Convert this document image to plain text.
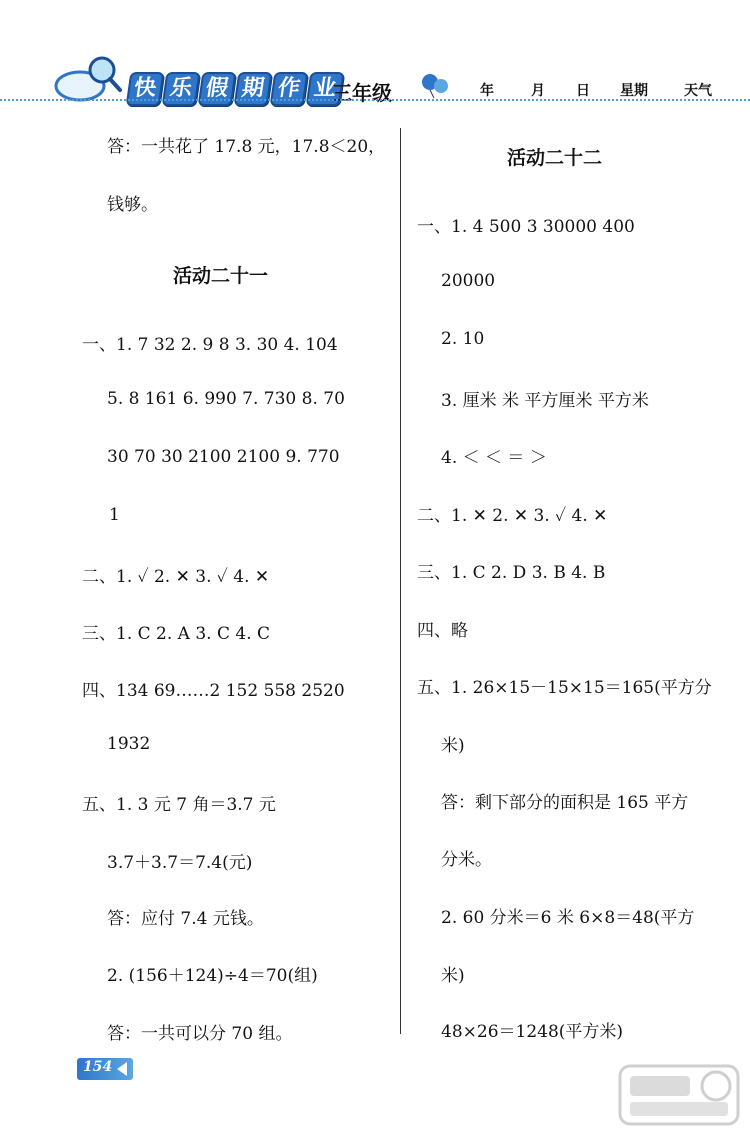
快 乐 假 期 作 业
三年级	年	月 日 星期	天气
答：一共花了 17.8 元，17.8＜20，
钱够。
活动二十一
一、1. 7 32 2. 9 8 3. 30 4. 104
5. 8 161 6. 990 7. 730 8. 70
30 70 30 2100 2100 9. 770
1
二、1. ✓ 2. ✕ 3. ✓ 4. ✕
三、1. C 2. A 3. C 4. C
四、134 69……2 152 558 2520
1932
五、1. 3 元 7 角＝3.7 元
3.7＋3.7＝7.4(元)
答：应付 7.4 元钱。
2. (156＋124)÷4＝70(组)
答：一共可以分 70 组。
活动二十二
一、1. 4 500 3 30000 400
20000
2. 10
3. 厘米 米 平方厘米 平方米
4. ＜ ＜ ＝ ＞
二、1. ✕ 2. ✕ 3. ✓ 4. ✕
三、1. C 2. D 3. B 4. B
四、略
五、1. 26×15－15×15＝165(平方分
米)
答：剩下部分的面积是 165 平方
分米。
2. 60 分米＝6 米 6×8＝48(平方
米)
48×26＝1248(平方米)
154
